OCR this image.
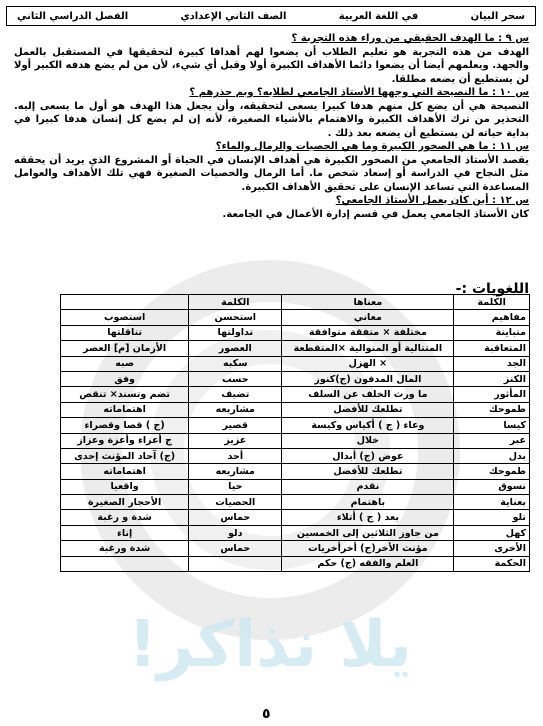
يلا نذاكر!
سحر البيان
في اللغة العربية
الصف الثاني الإعدادي
الفصل الدراسي الثاني

س ٩ : ما الهدف الحقيقي من وراء هذه التجربة ؟

الهدف من هذه التجربة هو تعليم الطلاب أن يضعوا لهم أهدافا كبيرة لتحقيقها في المستقبل بالعمل والجهد. ويعلمهم أيضا أن يضعوا دائما الأهداف الكبيرة أولا وقبل أي شيء، لأن من لم يضع هدفه الكبير أولا لن يستطيع أن يضعه مطلقا.

س ١٠ : ما النصيحة التي وجهها الأستاذ الجامعي لطلابه؟ وبم حذرهم ؟

النصيحة هي أن يضع كل منهم هدفا كبيرا يسعى لتحقيقه، وأن يجعل هذا الهدف هو أول ما يسعى إليه. التحذير من ترك الأهداف الكبيرة والاهتمام بالأشياء الصغيرة، لأنه إن لم يضع كل إنسان هدفا كبيرا في بداية حياته لن يستطيع أن يضعه بعد ذلك .

س ١١ : ما هي الصخور الكبيرة وما هي الحصيات والرمال والماء؟

يقصد الأستاذ الجامعي من الصخور الكبيرة هي أهداف الإنسان في الحياة أو المشروع الذي يريد أن يحققه مثل النجاح في الدراسة أو إسعاد شخص ما. أما الرمال والحصيات الصغيرة فهي تلك الأهداف والعوامل المساعدة التي تساعد الإنسان على تحقيق الأهداف الكبيرة.

س ١٢ : أين كان يعمل الأستاذ الجامعي؟

كان الأستاذ الجامعي يعمل في قسم إدارة الأعمال في الجامعة.

اللغويات :-
الكلمة	معناها	الكلمة	
مفاهيم	معاني	استحسن	استصوب
متباينة	مختلفة × متفقة متوافقة	تداولتها	تناقلتها
المتعاقبة	المتتالية أو المتوالية ×المتقطعة	العصور	الأزمان [م] العصر
الجد	× الهزل	سكبه	صبه
الكنز	المال المدفون (ج)كنوز	حسب	وفق
المأثور	ما ورث الخلف عن السلف	تضيف	تضم وتسند× تنقص
طموحك	تطلعك للأفضل	مشاريعه	اهتماماته
كيسا	وعاء ( ج ) أكياس وكيسة	قصير	(ج ) قصا وقصراء
عبر	خلال	عزيز	ج أعزاء وأعزة وعزاز
بدل	عوض (ج) أبدال	أحد	(ج) آحاد المؤنث إحدى
طموحك	تطلعك للأفضل	مشاريعه	اهتماماته
نسوق	نقدم	حيا	واقعيا
بعناية	باهتمام	الحصيات	الأحجار الصغيرة
تلو	بعد ( ج ) أتلاء	حماس	شدة و رغبة
كهل	من جاوز الثلاثين إلى الخمسين	دلو	إناء
الأخرى	مؤنث الأخر(ج) أخرأخريات	حماس	شدة ورغبة
الحكمة	العلم والفقه (ج) حكم		
٥
